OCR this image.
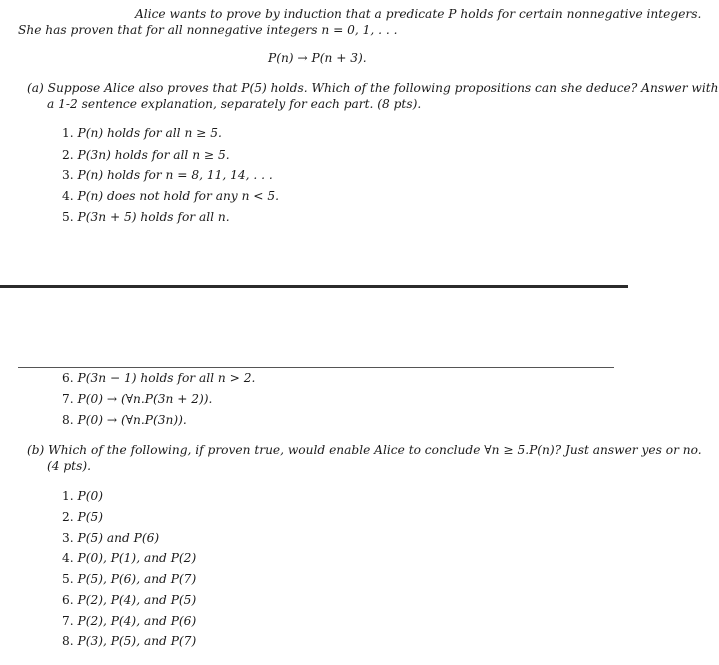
Alice wants to prove by induction that a predicate P holds for certain nonnegative integers.
She has proven that for all nonnegative integers n = 0, 1, . . .
P(n) → P(n + 3).
(a) Suppose Alice also proves that P(5) holds. Which of the following propositions can she deduce? Answer with
a 1-2 sentence explanation, separately for each part. (8 pts).
1. P(n) holds for all n ≥ 5.
2. P(3n) holds for all n ≥ 5.
3. P(n) holds for n = 8, 11, 14, . . .
4. P(n) does not hold for any n < 5.
5. P(3n + 5) holds for all n.
6. P(3n − 1) holds for all n > 2.
7. P(0) → (∀n.P(3n + 2)).
8. P(0) → (∀n.P(3n)).
(b) Which of the following, if proven true, would enable Alice to conclude ∀n ≥ 5.P(n)? Just answer yes or no.
(4 pts).
1. P(0)
2. P(5)
3. P(5) and P(6)
4. P(0), P(1), and P(2)
5. P(5), P(6), and P(7)
6. P(2), P(4), and P(5)
7. P(2), P(4), and P(6)
8. P(3), P(5), and P(7)
